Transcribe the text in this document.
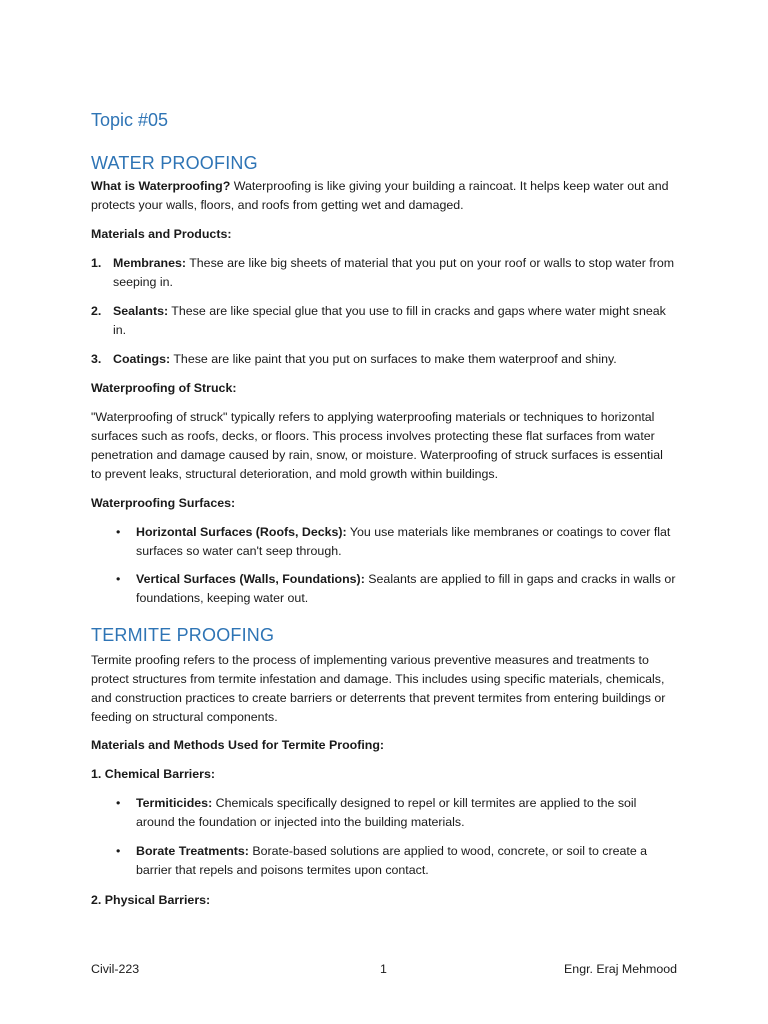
Topic #05
WATER PROOFING

What is Waterproofing? Waterproofing is like giving your building a raincoat. It helps keep water out and protects your walls, floors, and roofs from getting wet and damaged.

Materials and Products:

1. Membranes: These are like big sheets of material that you put on your roof or walls to stop water from seeping in.
2. Sealants: These are like special glue that you use to fill in cracks and gaps where water might sneak in.
3. Coatings: These are like paint that you put on surfaces to make them waterproof and shiny.

Waterproofing of Struck:

"Waterproofing of struck" typically refers to applying waterproofing materials or techniques to horizontal surfaces such as roofs, decks, or floors. This process involves protecting these flat surfaces from water penetration and damage caused by rain, snow, or moisture. Waterproofing of struck surfaces is essential to prevent leaks, structural deterioration, and mold growth within buildings.

Waterproofing Surfaces:

• Horizontal Surfaces (Roofs, Decks): You use materials like membranes or coatings to cover flat surfaces so water can't seep through.
• Vertical Surfaces (Walls, Foundations): Sealants are applied to fill in gaps and cracks in walls or foundations, keeping water out.
TERMITE PROOFING

Termite proofing refers to the process of implementing various preventive measures and treatments to protect structures from termite infestation and damage. This includes using specific materials, chemicals, and construction practices to create barriers or deterrents that prevent termites from entering buildings or feeding on structural components.

Materials and Methods Used for Termite Proofing:

1. Chemical Barriers:

• Termiticides: Chemicals specifically designed to repel or kill termites are applied to the soil around the foundation or injected into the building materials.
• Borate Treatments: Borate-based solutions are applied to wood, concrete, or soil to create a barrier that repels and poisons termites upon contact.

2. Physical Barriers:

Civil-223	1	Engr. Eraj Mehmood
